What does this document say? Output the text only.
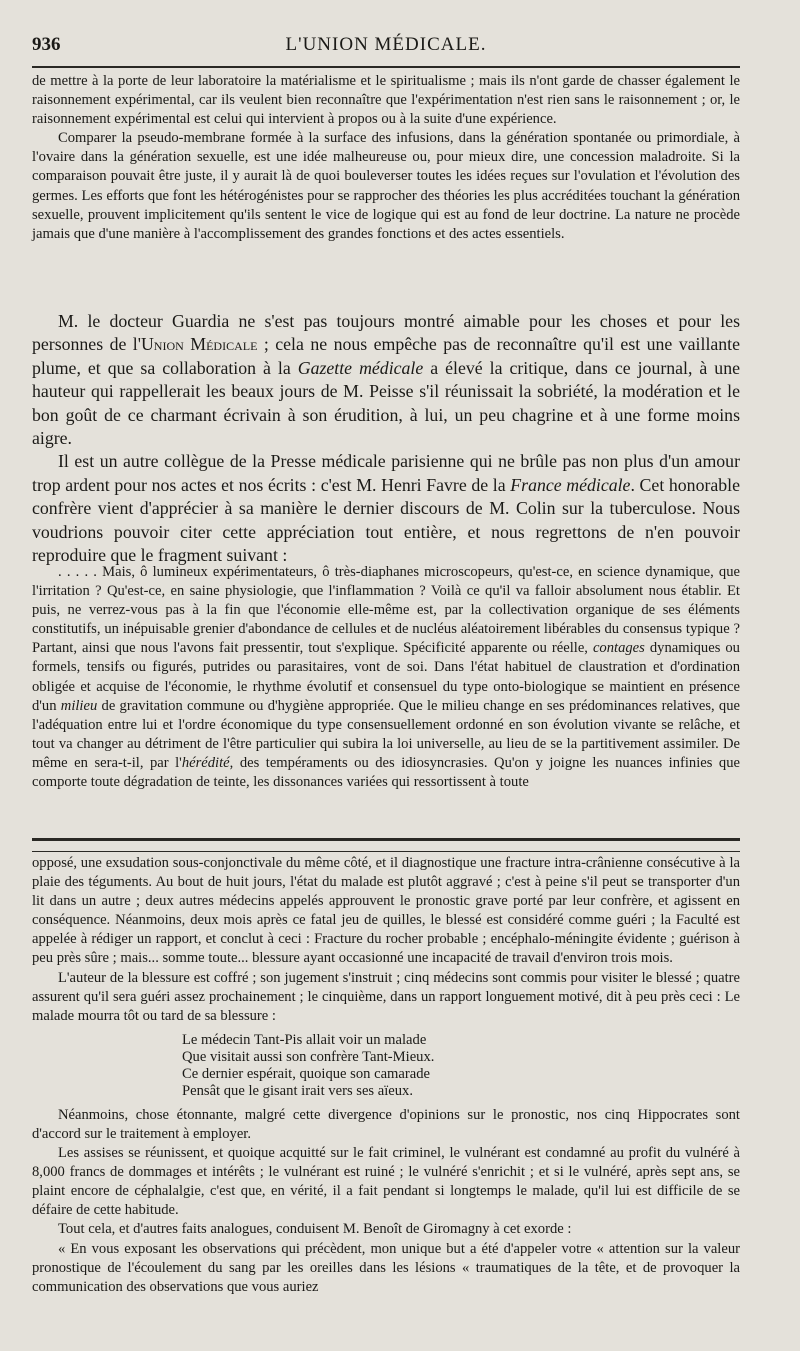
936	L'UNION MÉDICALE.

de mettre à la porte de leur laboratoire la matérialisme et le spiritualisme ; mais ils n'ont garde de chasser également le raisonnement expérimental, car ils veulent bien reconnaître que l'expérimentation n'est rien sans le raisonnement ; or, le raisonnement expérimental est celui qui intervient à propos ou à la suite d'une expérience.

Comparer la pseudo-membrane formée à la surface des infusions, dans la génération spontanée ou primordiale, à l'ovaire dans la génération sexuelle, est une idée malheureuse ou, pour mieux dire, une concession maladroite. Si la comparaison pouvait être juste, il y aurait là de quoi bouleverser toutes les idées reçues sur l'ovulation et l'évolution des germes. Les efforts que font les hétérogénistes pour se rapprocher des théories les plus accréditées touchant la génération sexuelle, prouvent implicitement qu'ils sentent le vice de logique qui est au fond de leur doctrine. La nature ne procède jamais que d'une manière à l'accomplissement des grandes fonctions et des actes essentiels.

M. le docteur Guardia ne s'est pas toujours montré aimable pour les choses et pour les personnes de l'Union Médicale ; cela ne nous empêche pas de reconnaître qu'il est une vaillante plume, et que sa collaboration à la Gazette médicale a élevé la critique, dans ce journal, à une hauteur qui rappellerait les beaux jours de M. Peisse s'il réunissait la sobriété, la modération et le bon goût de ce charmant écrivain à son érudition, à lui, un peu chagrine et à une forme moins aigre.

Il est un autre collègue de la Presse médicale parisienne qui ne brûle pas non plus d'un amour trop ardent pour nos actes et nos écrits : c'est M. Henri Favre de la France médicale. Cet honorable confrère vient d'apprécier à sa manière le dernier discours de M. Colin sur la tuberculose. Nous voudrions pouvoir citer cette appréciation tout entière, et nous regrettons de n'en pouvoir reproduire que le fragment suivant :

. . . . . Mais, ô lumineux expérimentateurs, ô très-diaphanes microscopeurs, qu'est-ce, en science dynamique, que l'irritation ? Qu'est-ce, en saine physiologie, que l'inflammation ? Voilà ce qu'il va falloir absolument nous établir. Et puis, ne verrez-vous pas à la fin que l'économie elle-même est, par la collectivation organique de ses éléments constitutifs, un inépuisable grenier d'abondance de cellules et de nucléus aléatoirement libérables du consensus typique ? Partant, ainsi que nous l'avons fait pressentir, tout s'explique. Spécificité apparente ou réelle, contages dynamiques ou formels, tensifs ou figurés, putrides ou parasitaires, vont de soi. Dans l'état habituel de claustration et d'ordination obligée et acquise de l'économie, le rhythme évolutif et consensuel du type onto-biologique se maintient en présence d'un milieu de gravitation commune ou d'hygiène appropriée. Que le milieu change en ses prédominances relatives, que l'adéquation entre lui et l'ordre économique du type consensuellement ordonné en son évolution vivante se relâche, et tout va changer au détriment de l'être particulier qui subira la loi universelle, au lieu de se la partitivement assimiler. De même en sera-t-il, par l'hérédité, des tempéraments ou des idiosyncrasies. Qu'on y joigne les nuances infinies que comporte toute dégradation de teinte, les dissonances variées qui ressortissent à toute

opposé, une exsudation sous-conjonctivale du même côté, et il diagnostique une fracture intra-crânienne consécutive à la plaie des téguments. Au bout de huit jours, l'état du malade est plutôt aggravé ; c'est à peine s'il peut se transporter d'un lit dans un autre ; deux autres médecins appelés approuvent le pronostic grave porté par leur confrère, et agissent en conséquence. Néanmoins, deux mois après ce fatal jeu de quilles, le blessé est considéré comme guéri ; la Faculté est appelée à rédiger un rapport, et conclut à ceci : Fracture du rocher probable ; encéphalo-méningite évidente ; guérison à peu près sûre ; mais... somme toute... blessure ayant occasionné une incapacité de travail d'environ trois mois.

L'auteur de la blessure est coffré ; son jugement s'instruit ; cinq médecins sont commis pour visiter le blessé ; quatre assurent qu'il sera guéri assez prochainement ; le cinquième, dans un rapport longuement motivé, dit à peu près ceci : Le malade mourra tôt ou tard de sa blessure :

Le médecin Tant-Pis allait voir un malade
Que visitait aussi son confrère Tant-Mieux.
Ce dernier espérait, quoique son camarade
Pensât que le gisant irait vers ses aïeux.

Néanmoins, chose étonnante, malgré cette divergence d'opinions sur le pronostic, nos cinq Hippocrates sont d'accord sur le traitement à employer.

Les assises se réunissent, et quoique acquitté sur le fait criminel, le vulnérant est condamné au profit du vulnéré à 8,000 francs de dommages et intérêts ; le vulnérant est ruiné ; le vulnéré s'enrichit ; et si le vulnéré, après sept ans, se plaint encore de céphalalgie, c'est que, en vérité, il a fait pendant si longtemps le malade, qu'il lui est difficile de se défaire de cette habitude.

Tout cela, et d'autres faits analogues, conduisent M. Benoît de Giromagny à cet exorde :

« En vous exposant les observations qui précèdent, mon unique but a été d'appeler votre « attention sur la valeur pronostique de l'écoulement du sang par les oreilles dans les lésions « traumatiques de la tête, et de provoquer la communication des observations que vous auriez
